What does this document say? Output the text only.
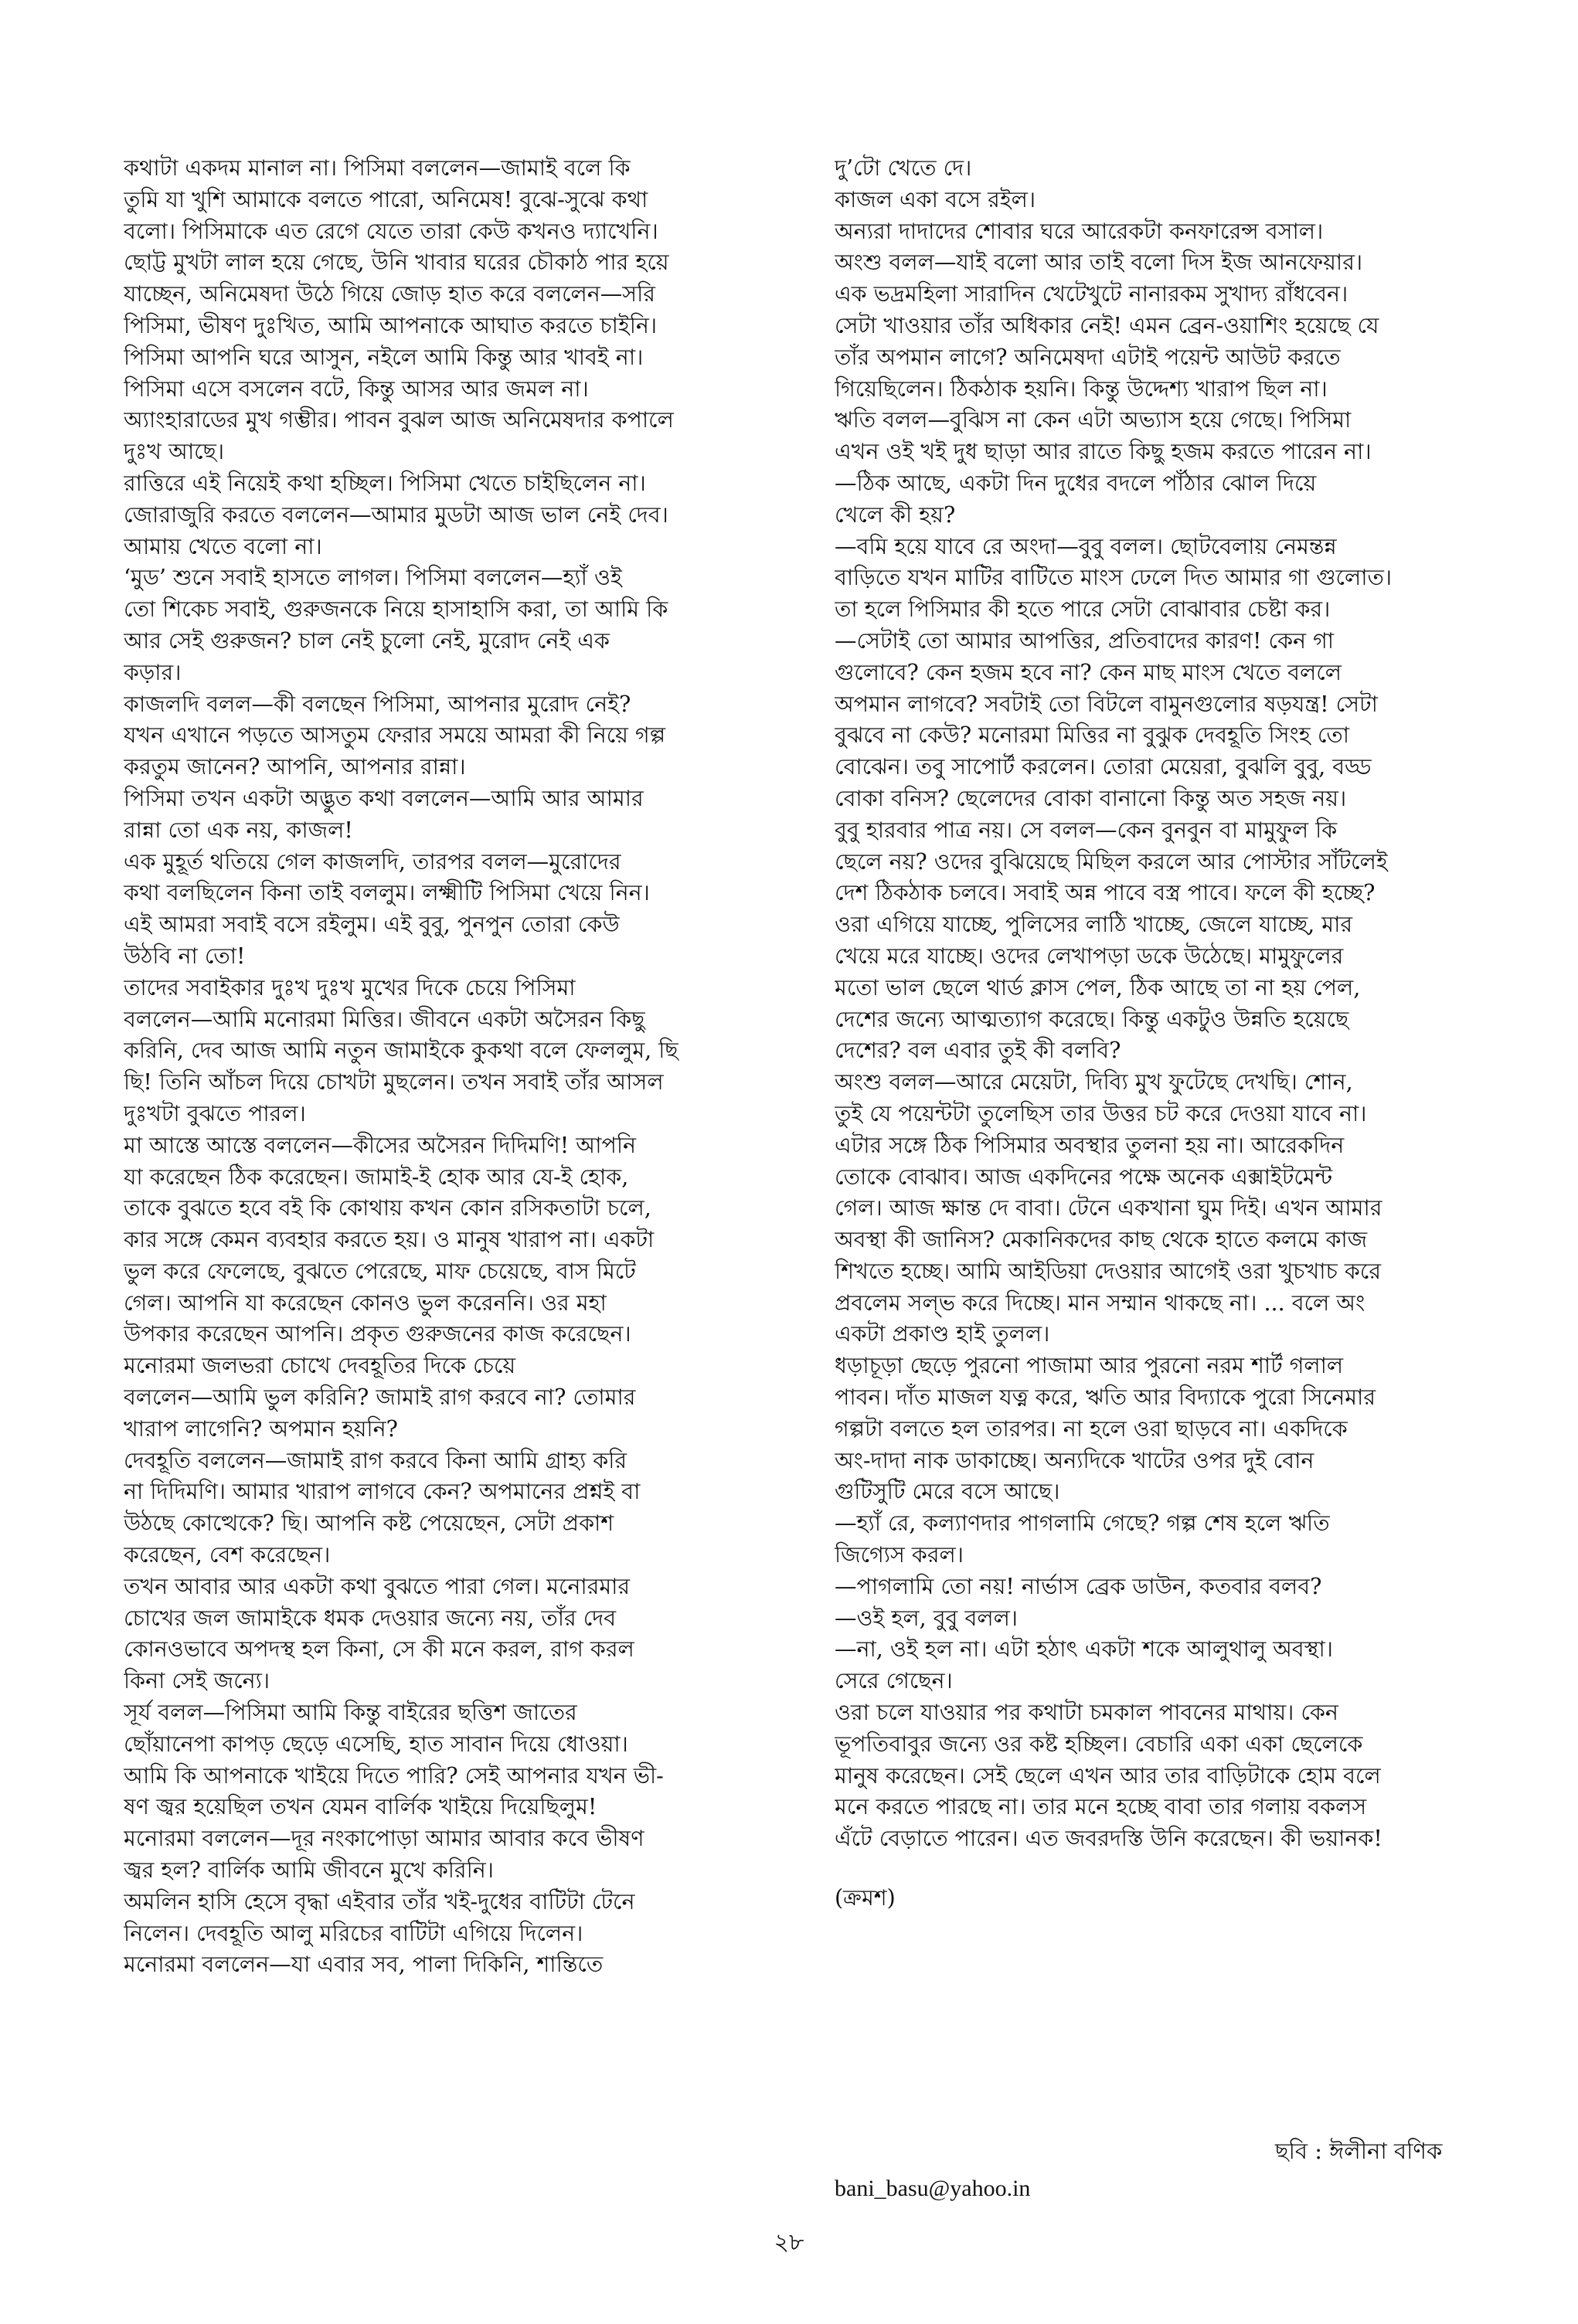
কথাটা একদম মানাল না। পিসিমা বললেন—জামাই বলে কি
তুমি যা খুশি আমাকে বলতে পারো, অনিমেষ! বুঝে-সুঝে কথা
বলো। পিসিমাকে এত রেগে যেতে তারা কেউ কখনও দ্যাখেনি।
ছোট্ট মুখটা লাল হয়ে গেছে, উনি খাবার ঘরের চৌকাঠ পার হয়ে
যাচ্ছেন, অনিমেষদা উঠে গিয়ে জোড় হাত করে বললেন—সরি
পিসিমা, ভীষণ দুঃখিত, আমি আপনাকে আঘাত করতে চাইনি।
পিসিমা আপনি ঘরে আসুন, নইলে আমি কিন্তু আর খাবই না।
পিসিমা এসে বসলেন বটে, কিন্তু আসর আর জমল না।
অ্যাংহারাডের মুখ গম্ভীর। পাবন বুঝল আজ অনিমেষদার কপালে
দুঃখ আছে।
রাত্তিরে এই নিয়েই কথা হচ্ছিল। পিসিমা খেতে চাইছিলেন না।
জোরাজুরি করতে বললেন—আমার মুডটা আজ ভাল নেই দেব।
আমায় খেতে বলো না।
‘মুড’ শুনে সবাই হাসতে লাগল। পিসিমা বললেন—হ্যাঁ ওই
তো শিকেচ সবাই, গুরুজনকে নিয়ে হাসাহাসি করা, তা আমি কি
আর সেই গুরুজন? চাল নেই চুলো নেই, মুরোদ নেই এক
কড়ার।
কাজলদি বলল—কী বলছেন পিসিমা, আপনার মুরোদ নেই?
যখন এখানে পড়তে আসতুম ফেরার সময়ে আমরা কী নিয়ে গল্প
করতুম জানেন? আপনি, আপনার রান্না।
পিসিমা তখন একটা অদ্ভুত কথা বললেন—আমি আর আমার
রান্না তো এক নয়, কাজল!
এক মুহূর্ত থতিয়ে গেল কাজলদি, তারপর বলল—মুরোদের
কথা বলছিলেন কিনা তাই বললুম। লক্ষ্মীটি পিসিমা খেয়ে নিন।
এই আমরা সবাই বসে রইলুম। এই বুবু, পুনপুন তোরা কেউ
উঠবি না তো!
তাদের সবাইকার দুঃখ দুঃখ মুখের দিকে চেয়ে পিসিমা
বললেন—আমি মনোরমা মিত্তির। জীবনে একটা অসৈরন কিছু
করিনি, দেব আজ আমি নতুন জামাইকে কুকথা বলে ফেললুম, ছি
ছি! তিনি আঁচল দিয়ে চোখটা মুছলেন। তখন সবাই তাঁর আসল
দুঃখটা বুঝতে পারল।
মা আস্তে আস্তে বললেন—কীসের অসৈরন দিদিমণি! আপনি
যা করেছেন ঠিক করেছেন। জামাই-ই হোক আর যে-ই হোক,
তাকে বুঝতে হবে বই কি কোথায় কখন কোন রসিকতাটা চলে,
কার সঙ্গে কেমন ব্যবহার করতে হয়। ও মানুষ খারাপ না। একটা
ভুল করে ফেলেছে, বুঝতে পেরেছে, মাফ চেয়েছে, বাস মিটে
গেল। আপনি যা করেছেন কোনও ভুল করেননি। ওর মহা
উপকার করেছেন আপনি। প্রকৃত গুরুজনের কাজ করেছেন।
মনোরমা জলভরা চোখে দেবহূতির দিকে চেয়ে
বললেন—আমি ভুল করিনি? জামাই রাগ করবে না? তোমার
খারাপ লাগেনি? অপমান হয়নি?
দেবহূতি বললেন—জামাই রাগ করবে কিনা আমি গ্রাহ্য করি
না দিদিমণি। আমার খারাপ লাগবে কেন? অপমানের প্রশ্নই বা
উঠছে কোত্থেকে? ছি। আপনি কষ্ট পেয়েছেন, সেটা প্রকাশ
করেছেন, বেশ করেছেন।
তখন আবার আর একটা কথা বুঝতে পারা গেল। মনোরমার
চোখের জল জামাইকে ধমক দেওয়ার জন্যে নয়, তাঁর দেব
কোনওভাবে অপদস্থ হল কিনা, সে কী মনে করল, রাগ করল
কিনা সেই জন্যে।
সূর্য বলল—পিসিমা আমি কিন্তু বাইরের ছত্তিশ জাতের
ছোঁয়ানেপা কাপড় ছেড়ে এসেছি, হাত সাবান দিয়ে ধোওয়া।
আমি কি আপনাকে খাইয়ে দিতে পারি? সেই আপনার যখন ভী-
ষণ জ্বর হয়েছিল তখন যেমন বার্লিক খাইয়ে দিয়েছিলুম!
মনোরমা বললেন—দূর নংকাপোড়া আমার আবার কবে ভীষণ
জ্বর হল? বার্লিক আমি জীবনে মুখে করিনি।
অমলিন হাসি হেসে বৃদ্ধা এইবার তাঁর খই-দুধের বাটিটা টেনে
নিলেন। দেবহূতি আলু মরিচের বাটিটা এগিয়ে দিলেন।
মনোরমা বললেন—যা এবার সব, পালা দিকিনি, শান্তিতে
দু’টো খেতে দে।
কাজল একা বসে রইল।
অন্যরা দাদাদের শোবার ঘরে আরেকটা কনফারেন্স বসাল।
অংশু বলল—যাই বলো আর তাই বলো দিস ইজ আনফেয়ার।
এক ভদ্রমহিলা সারাদিন খেটেখুটে নানারকম সুখাদ্য রাঁধবেন।
সেটা খাওয়ার তাঁর অধিকার নেই! এমন ব্রেন-ওয়াশিং হয়েছে যে
তাঁর অপমান লাগে? অনিমেষদা এটাই পয়েন্ট আউট করতে
গিয়েছিলেন। ঠিকঠাক হয়নি। কিন্তু উদ্দেশ্য খারাপ ছিল না।
ঋতি বলল—বুঝিস না কেন এটা অভ্যাস হয়ে গেছে। পিসিমা
এখন ওই খই দুধ ছাড়া আর রাতে কিছু হজম করতে পারেন না।
—ঠিক আছে, একটা দিন দুধের বদলে পাঁঠার ঝোল দিয়ে
খেলে কী হয়?
—বমি হয়ে যাবে রে অংদা—বুবু বলল। ছোটবেলায় নেমন্তন্ন
বাড়িতে যখন মাটির বাটিতে মাংস ঢেলে দিত আমার গা গুলোত।
তা হলে পিসিমার কী হতে পারে সেটা বোঝাবার চেষ্টা কর।
—সেটাই তো আমার আপত্তির, প্রতিবাদের কারণ! কেন গা
গুলোবে? কেন হজম হবে না? কেন মাছ মাংস খেতে বললে
অপমান লাগবে? সবটাই তো বিটলে বামুনগুলোর ষড়যন্ত্র! সেটা
বুঝবে না কেউ? মনোরমা মিত্তির না বুঝুক দেবহূতি সিংহ তো
বোঝেন। তবু সাপোর্ট করলেন। তোরা মেয়েরা, বুঝলি বুবু, বড্ড
বোকা বনিস? ছেলেদের বোকা বানানো কিন্তু অত সহজ নয়।
বুবু হারবার পাত্র নয়। সে বলল—কেন বুনবুন বা মামুফুল কি
ছেলে নয়? ওদের বুঝিয়েছে মিছিল করলে আর পোস্টার সাঁটলেই
দেশ ঠিকঠাক চলবে। সবাই অন্ন পাবে বস্ত্র পাবে। ফলে কী হচ্ছে?
ওরা এগিয়ে যাচ্ছে, পুলিসের লাঠি খাচ্ছে, জেলে যাচ্ছে, মার
খেয়ে মরে যাচ্ছে। ওদের লেখাপড়া ডকে উঠেছে। মামুফুলের
মতো ভাল ছেলে থার্ড ক্লাস পেল, ঠিক আছে তা না হয় পেল,
দেশের জন্যে আত্মত্যাগ করেছে। কিন্তু একটুও উন্নতি হয়েছে
দেশের? বল এবার তুই কী বলবি?
অংশু বলল—আরে মেয়েটা, দিব্যি মুখ ফুটেছে দেখছি। শোন,
তুই যে পয়েন্টটা তুলেছিস তার উত্তর চট করে দেওয়া যাবে না।
এটার সঙ্গে ঠিক পিসিমার অবস্থার তুলনা হয় না। আরেকদিন
তোকে বোঝাব। আজ একদিনের পক্ষে অনেক এক্সাইটমেন্ট
গেল। আজ ক্ষান্ত দে বাবা। টেনে একখানা ঘুম দিই। এখন আমার
অবস্থা কী জানিস? মেকানিকদের কাছ থেকে হাতে কলমে কাজ
শিখতে হচ্ছে। আমি আইডিয়া দেওয়ার আগেই ওরা খুচখাচ করে
প্রবলেম সল্ভ করে দিচ্ছে। মান সম্মান থাকছে না। ... বলে অং
একটা প্রকাণ্ড হাই তুলল।
ধড়াচূড়া ছেড়ে পুরনো পাজামা আর পুরনো নরম শার্ট গলাল
পাবন। দাঁত মাজল যত্ন করে, ঋতি আর বিদ্যাকে পুরো সিনেমার
গল্পটা বলতে হল তারপর। না হলে ওরা ছাড়বে না। একদিকে
অং-দাদা নাক ডাকাচ্ছে। অন্যদিকে খাটের ওপর দুই বোন
গুটিসুটি মেরে বসে আছে।
—হ্যাঁ রে, কল্যাণদার পাগলামি গেছে? গল্প শেষ হলে ঋতি
জিগ্যেস করল।
—পাগলামি তো নয়! নার্ভাস ব্রেক ডাউন, কতবার বলব?
—ওই হল, বুবু বলল।
—না, ওই হল না। এটা হঠাৎ একটা শকে আলুথালু অবস্থা।
সেরে গেছেন।
ওরা চলে যাওয়ার পর কথাটা চমকাল পাবনের মাথায়। কেন
ভূপতিবাবুর জন্যে ওর কষ্ট হচ্ছিল। বেচারি একা একা ছেলেকে
মানুষ করেছেন। সেই ছেলে এখন আর তার বাড়িটাকে হোম বলে
মনে করতে পারছে না। তার মনে হচ্ছে বাবা তার গলায় বকলস
এঁটে বেড়াতে পারেন। এত জবরদস্তি উনি করেছেন। কী ভয়ানক!
(ক্রমশ)
ছবি : ঈলীনা বণিক
bani_basu@yahoo.in
২৮
